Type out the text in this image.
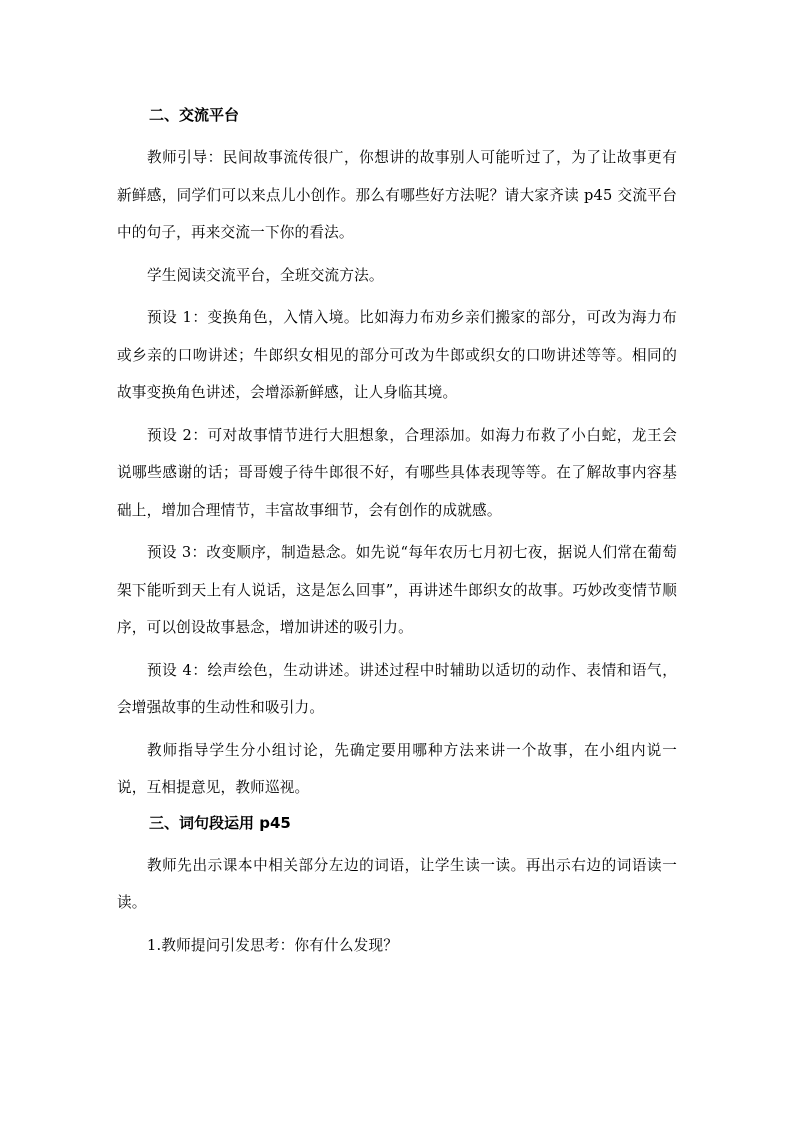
二、交流平台

教师引导：民间故事流传很广，你想讲的故事别人可能听过了，为了让故事更有新鲜感，同学们可以来点儿小创作。那么有哪些好方法呢？请大家齐读 p45 交流平台中的句子，再来交流一下你的看法。

学生阅读交流平台，全班交流方法。

预设 1：变换角色，入情入境。比如海力布劝乡亲们搬家的部分，可改为海力布或乡亲的口吻讲述；牛郎织女相见的部分可改为牛郎或织女的口吻讲述等等。相同的故事变换角色讲述，会增添新鲜感，让人身临其境。

预设 2：可对故事情节进行大胆想象，合理添加。如海力布救了小白蛇，龙王会说哪些感谢的话；哥哥嫂子待牛郎很不好，有哪些具体表现等等。在了解故事内容基础上，增加合理情节，丰富故事细节，会有创作的成就感。

预设 3：改变顺序，制造悬念。如先说“每年农历七月初七夜，据说人们常在葡萄架下能听到天上有人说话，这是怎么回事”，再讲述牛郎织女的故事。巧妙改变情节顺序，可以创设故事悬念，增加讲述的吸引力。

预设 4：绘声绘色，生动讲述。讲述过程中时辅助以适切的动作、表情和语气，会增强故事的生动性和吸引力。

教师指导学生分小组讨论，先确定要用哪种方法来讲一个故事，在小组内说一说，互相提意见，教师巡视。

三、词句段运用 p45

教师先出示课本中相关部分左边的词语，让学生读一读。再出示右边的词语读一读。

1.教师提问引发思考：你有什么发现？
